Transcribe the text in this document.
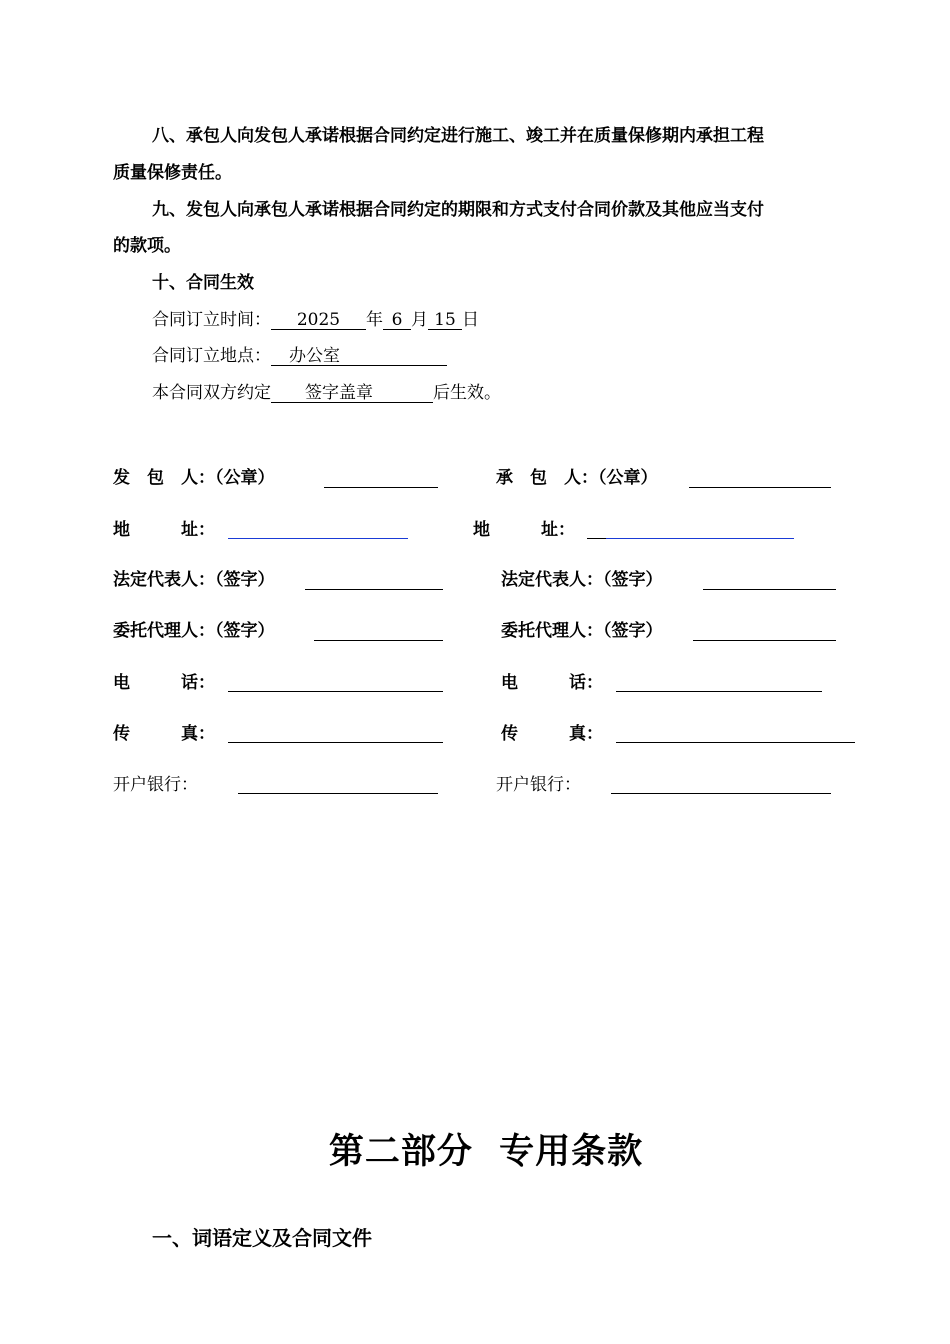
八、承包人向发包人承诺根据合同约定进行施工、竣工并在质量保修期内承担工程
质量保修责任。
九、发包人向承包人承诺根据合同约定的期限和方式支付合同价款及其他应当支付
的款项。
十、合同生效
合同订立时间： 2025 年 6 月 15 日
合同订立地点： 办公室
本合同双方约定 签字盖章	后生效。
发　包　人：（公章）
地　　　址：
法定代表人：（签字）
委托代理人：（签字）
电　　　话：
传　　　真：
开户银行：
承　包　人：（公章）
地　　　址：
法定代表人：（签字）
委托代理人：（签字）
电　　　话：
传　　　真：
开户银行：
第二部分  专用条款
一、词语定义及合同文件
